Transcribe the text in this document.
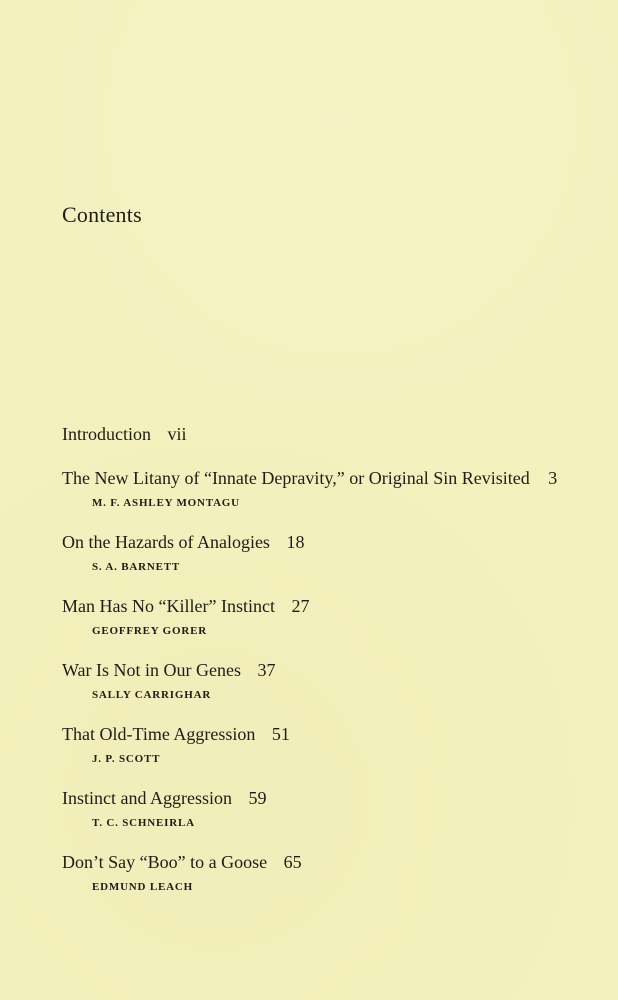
Contents
Introduction vii
The New Litany of “Innate Depravity,” or Original Sin Revisited 3
M. F. ASHLEY MONTAGU
On the Hazards of Analogies 18
S. A. BARNETT
Man Has No “Killer” Instinct 27
GEOFFREY GORER
War Is Not in Our Genes 37
SALLY CARRIGHAR
That Old-Time Aggression 51
J. P. SCOTT
Instinct and Aggression 59
T. C. SCHNEIRLA
Don’t Say “Boo” to a Goose 65
EDMUND LEACH
